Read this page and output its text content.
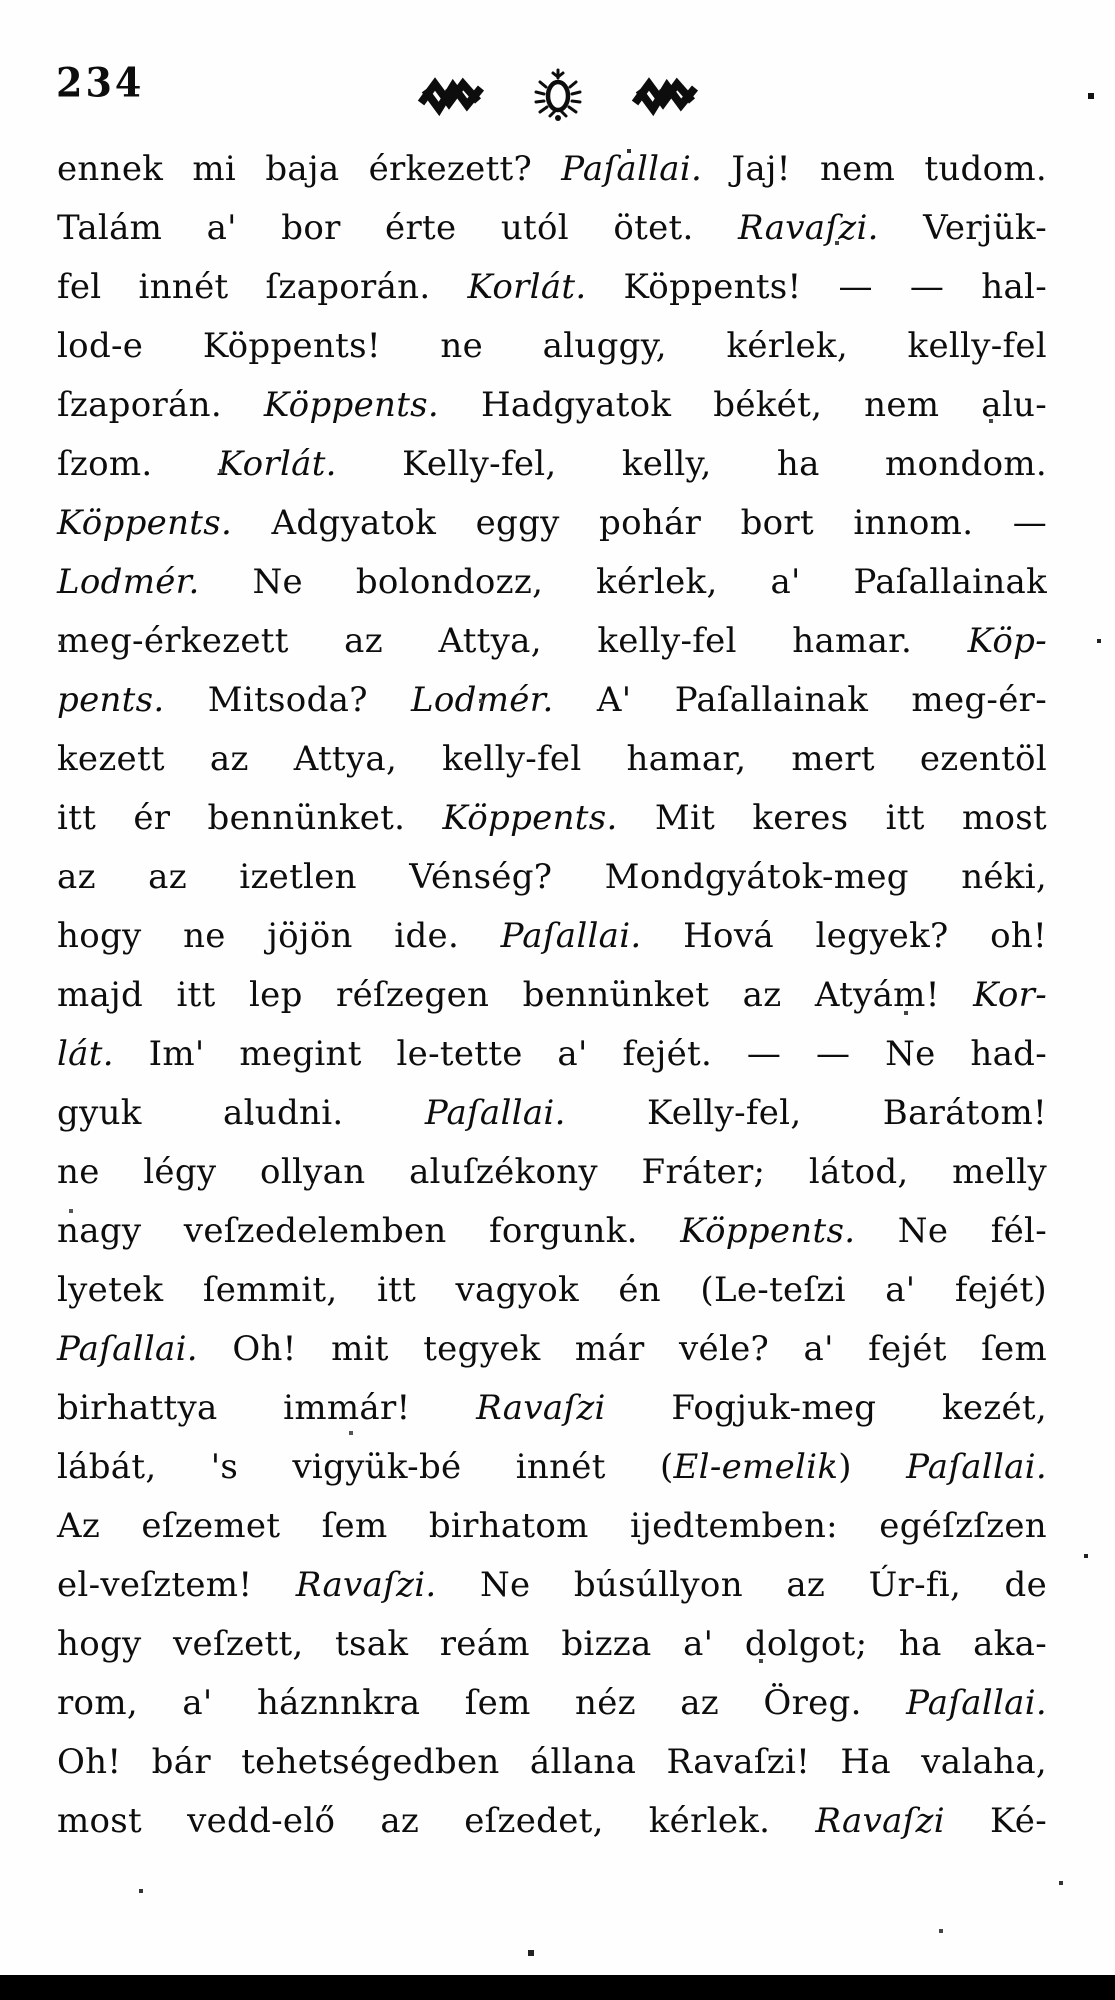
234
ennek mi baja érkezett? Paſallai. Jaj! nem tudom.
Talám a' bor érte utól ötet. Ravaſzi. Verjük-
fel innét ſzaporán. Korlát. Köppents! — — hal-
lod-e Köppents! ne aluggy, kérlek, kelly-fel
ſzaporán. Köppents. Hadgyatok békét, nem alu-
ſzom. Korlát. Kelly-fel, kelly, ha mondom.
Köppents. Adgyatok eggy pohár bort innom. —
Lodmér. Ne bolondozz, kérlek, a' Paſallainak
meg-érkezett az Attya, kelly-fel hamar. Köp-
pents. Mitsoda? Lodmér. A' Paſallainak meg-ér-
kezett az Attya, kelly-fel hamar, mert ezentöl
itt ér bennünket. Köppents. Mit keres itt most
az az izetlen Vénség? Mondgyátok-meg néki,
hogy ne jöjön ide. Paſallai. Hová legyek? oh!
majd itt lep réſzegen bennünket az Atyám! Kor-
lát. Im' megint le-tette a' fejét. — — Ne had-
gyuk aludni. Paſallai. Kelly-fel, Barátom!
ne légy ollyan aluſzékony Fráter; látod, melly
nagy veſzedelemben forgunk. Köppents. Ne fél-
lyetek ſemmit, itt vagyok én (Le-teſzi a' fejét)
Paſallai. Oh! mit tegyek már véle? a' fejét ſem
birhattya immár! Ravaſzi Fogjuk-meg kezét,
lábát, 's vigyük-bé innét (El-emelik) Paſallai.
Az eſzemet ſem birhatom ijedtemben: egéſzſzen
el-veſztem! Ravaſzi. Ne búsúllyon az Úr-fi, de
hogy veſzett, tsak reám bizza a' dolgot; ha aka-
rom, a' háznnkra ſem néz az Öreg. Paſallai.
Oh! bár tehetségedben állana Ravaſzi! Ha valaha,
most vedd-elő az eſzedet, kérlek. Ravaſzi Ké-
